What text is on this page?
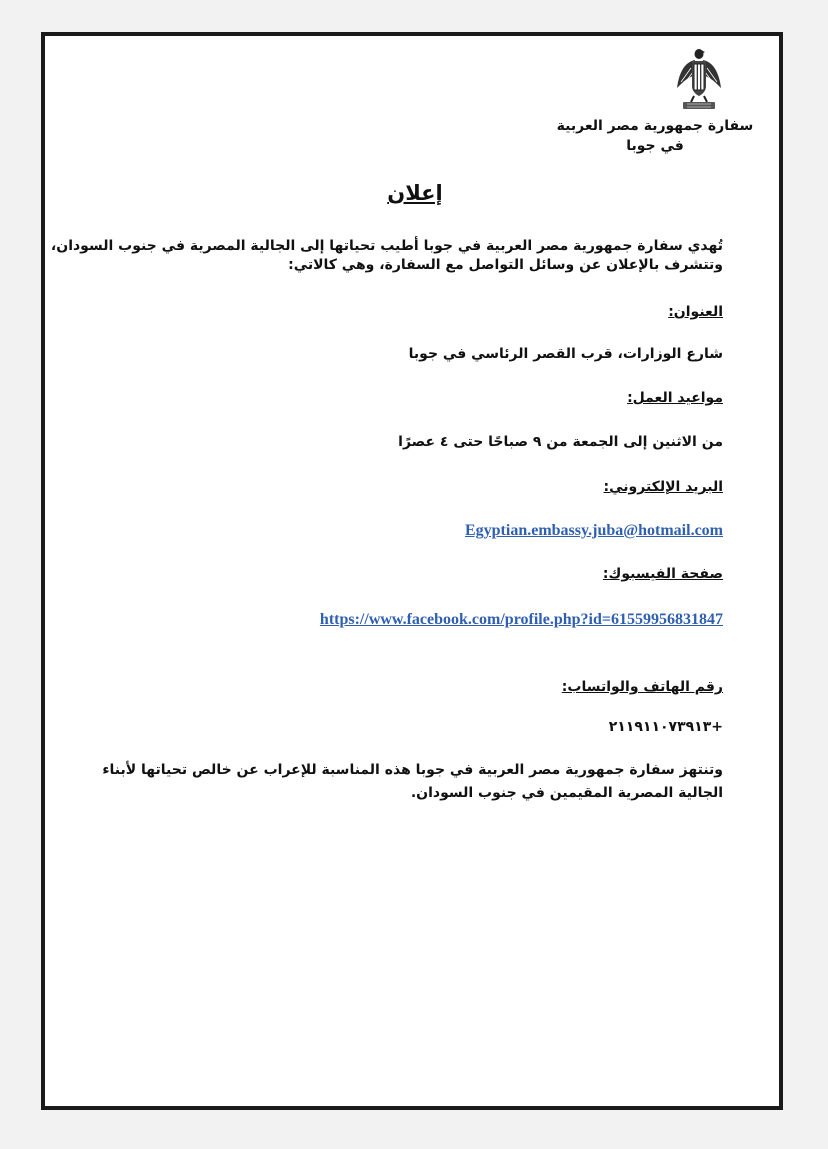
سفارة جمهورية مصر العربية
في جوبا
إعلان
تُهدي سفارة جمهورية مصر العربية في جوبا أطيب تحياتها إلى الجالية المصرية في جنوب السودان،
وتتشرف بالإعلان عن وسائل التواصل مع السفارة، وهي كالاتي:
العنوان:
شارع الوزارات، قرب القصر الرئاسي في جوبا
مواعيد العمل:
من الاثنين إلى الجمعة من ٩ صباحًا حتى ٤ عصرًا
البريد الإلكتروني:
Egyptian.embassy.juba@hotmail.com
صفحة الفيسبوك:
https://www.facebook.com/profile.php?id=61559956831847
رقم الهاتف والواتساب:
+٢١١٩١١٠٧٣٩١٣
وتنتهز سفارة جمهورية مصر العربية في جوبا هذه المناسبة للإعراب عن خالص تحياتها لأبناء
الجالية المصرية المقيمين في جنوب السودان.
